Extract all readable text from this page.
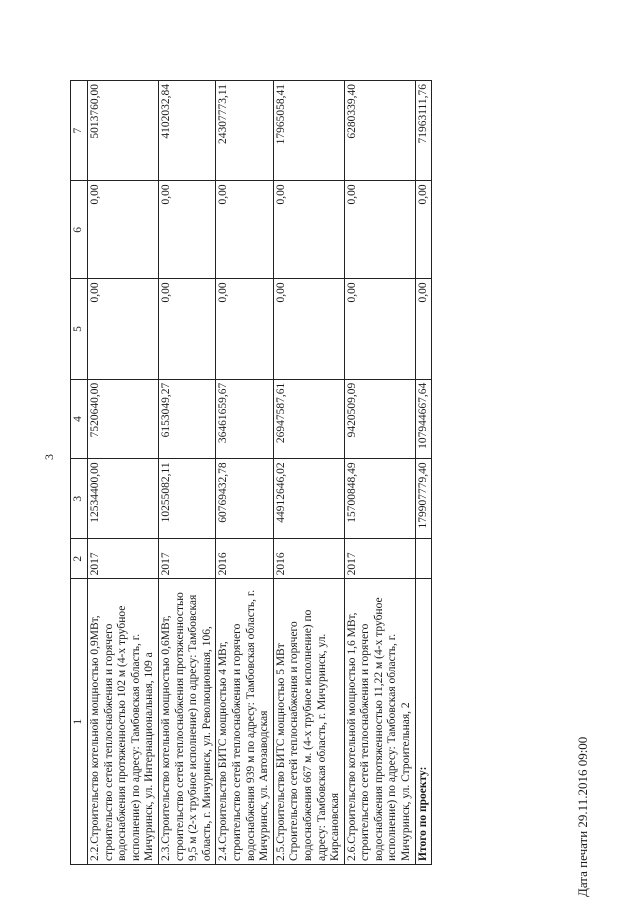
3
1	2	3	4	5	6	7
2.2.Строительство котельной мощностью 0,9МВт, строительство сетей теплоснабжения и горячего водоснабжения протяженностью 102 м (4-х трубное исполнение) по адресу: Тамбовская область, г. Мичуринск, ул. Интернациональная, 109 а	2017	12534400,00	7520640,00	0,00	0,00	5013760,00
2.3.Строительство котельной мощностью 0,6МВт, строительство сетей теплоснабжения протяженностью 9,5 м (2-х трубное исполнение) по адресу: Тамбовская область, г. Мичуринск, ул. Революционная, 106,	2017	10255082,11	6153049,27	0,00	0,00	4102032,84
2.4.Строительство БИТС мощностью 4 МВт, строительство сетей теплоснабжения и горячего водоснабжения 939 м по адресу: Тамбовская область, г. Мичуринск, ул. Автозаводская	2016	60769432,78	36461659,67	0,00	0,00	24307773,11
2.5.Строительство БИТС мощностью 5 МВт Строительство сетей теплоснабжения и горячего водоснабжения 667 м. (4-х трубное исполнение) по адресу: Тамбовская область, г. Мичуринск, ул. Кирсановская	2016	44912646,02	26947587,61	0,00	0,00	17965058,41
2.6.Строительство котельной мощностью 1,6 МВт, строительство сетей теплоснабжения и горячего водоснабжения протяженностью 11,22 м (4-х трубное исполнение) по адресу: Тамбовская область, г. Мичуринск, ул. Строительная, 2	2017	15700848,49	9420509,09	0,00	0,00	6280339,40
Итого по проекту:		179907779,40	107944667,64	0,00	0,00	71963111,76
Дата печати 29.11.2016 09:00
